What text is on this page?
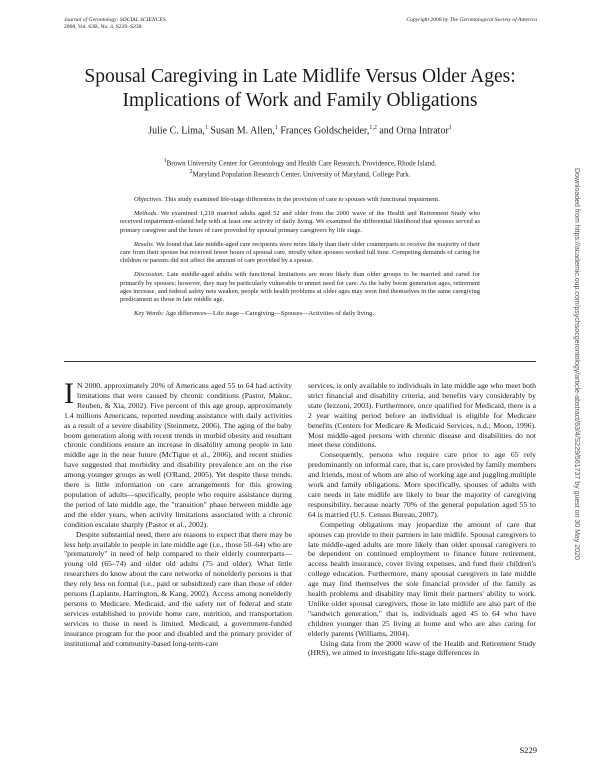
Journal of Gerontology: SOCIAL SCIENCES
2008, Vol. 63B, No. 4, S229–S238
Copyright 2008 by The Gerontological Society of America
Downloaded from https://academic.oup.com/psychsocgerontology/article-abstract/63/4/S229/561737 by guest on 30 May 2020
Spousal Caregiving in Late Midlife Versus Older Ages: Implications of Work and Family Obligations
Julie C. Lima,$^1$ Susan M. Allen,$^1$ Frances Goldscheider,$^{1,2}$ and Orna Intrator$^1$
$^1$Brown University Center for Gerontology and Health Care Research, Providence, Rhode Island.
$^2$Maryland Population Research Center, University of Maryland, College Park.

Objectives. This study examined life-stage differences in the provision of care to spouses with functional impairment.

Methods. We examined 1,218 married adults aged 52 and older from the 2000 wave of the Health and Retirement Study who received impairment-related help with at least one activity of daily living. We examined the differential likelihood that spouses served as primary caregiver and the hours of care provided by spousal primary caregivers by life stage.

Results. We found that late middle-aged care recipients were more likely than their older counterparts to receive the majority of their care from their spouse but received fewer hours of spousal care, mostly when spouses worked full time. Competing demands of caring for children or parents did not affect the amount of care provided by a spouse.

Discussion. Late middle-aged adults with functional limitations are more likely than older groups to be married and cared for primarily by spouses; however, they may be particularly vulnerable to unmet need for care. As the baby boom generation ages, retirement ages increase, and federal safety nets weaken, people with health problems at older ages may soon find themselves in the same caregiving predicament as those in late middle age.

Key Words: Age differences—Life stage—Caregiving—Spouses—Activities of daily living.

I N 2000, approximately 20% of Americans aged 55 to 64 had activity limitations that were caused by chronic conditions (Pastor, Makuc, Reuben, & Xia, 2002). Five percent of this age group, approximately 1.4 millions Americans, reported needing assistance with daily activities as a result of a severe disability (Steinmetz, 2006). The aging of the baby boom generation along with recent trends in morbid obesity and resultant chronic conditions ensure an increase in disability among people in late middle age in the near future (McTigue et al., 2006), and recent studies have suggested that morbidity and disability prevalence are on the rise among younger groups as well (O'Rand, 2005). Yet despite these trends, there is little information on care arrangements for this growing population of adults—specifically, people who require assistance during the period of late middle age, the "transition" phase between middle age and the elder years, when activity limitations associated with a chronic condition escalate sharply (Pastor et al., 2002).

Despite substantial need, there are reasons to expect that there may be less help available to people in late middle age (i.e., those 50–64) who are "prematurely" in need of help compared to their elderly counterparts—young old (65–74) and older old adults (75 and older). What little researchers do know about the care networks of nonelderly persons is that they rely less on formal (i.e., paid or subsidized) care than those of older persons (Laplante, Harrington, & Kang, 2002). Access among nonelderly persons to Medicare, Medicaid, and the safety net of federal and state services established to provide home care, nutrition, and transportation services to those in need is limited. Medicaid, a government-funded insurance program for the poor and disabled and the primary provider of institutional and community-based long-term-care

services, is only available to individuals in late middle age who meet both strict financial and disability criteria, and benefits vary considerably by state (Iezzoni, 2003). Furthermore, once qualified for Medicaid, there is a 2 year waiting period before an individual is eligible for Medicare benefits (Centers for Medicare & Medicaid Services, n.d.; Moon, 1996). Most middle-aged persons with chronic disease and disabilities do not meet these conditions.

Consequently, persons who require care prior to age 65 rely predominantly on informal care, that is, care provided by family members and friends, most of whom are also of working age and juggling multiple work and family obligations. More specifically, spouses of adults with care needs in late midlife are likely to bear the majority of caregiving responsibility, because nearly 70% of the general population aged 55 to 64 is married (U.S. Census Bureau, 2007).

Competing obligations may jeopardize the amount of care that spouses can provide to their partners in late midlife. Spousal caregivers to late middle-aged adults are more likely than older spousal caregivers to be dependent on continued employment to finance future retirement, access health insurance, cover living expenses, and fund their children's college education. Furthermore, many spousal caregivers in late middle age may find themselves the sole financial provider of the family as health problems and disability may limit their partners' ability to work. Unlike older spousal caregivers, those in late midlife are also part of the "sandwich generation," that is, individuals aged 45 to 64 who have children younger than 25 living at home and who are also caring for elderly parents (Williams, 2004).

Using data from the 2000 wave of the Health and Retirement Study (HRS), we aimed to investigate life-stage differences in

S229
